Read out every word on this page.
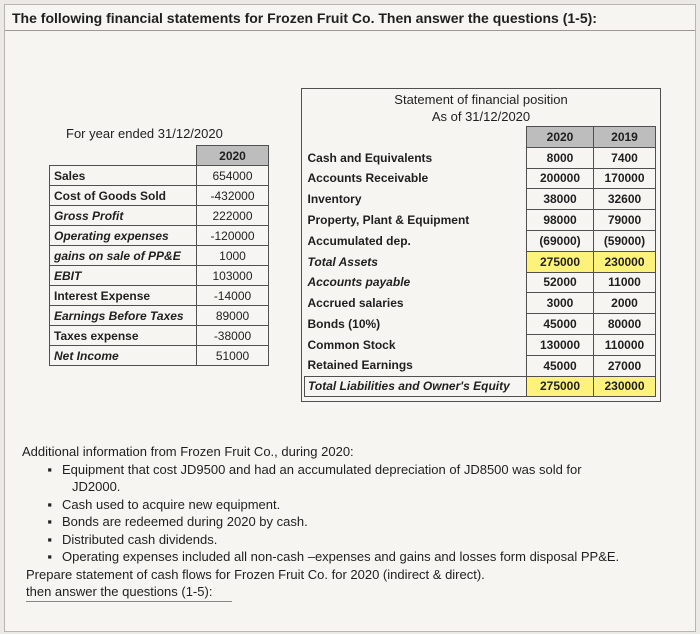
The following financial statements for Frozen Fruit Co. Then answer the questions (1-5):
For year ended 31/12/2020
	2020
Sales	654000
Cost of Goods Sold	-432000
Gross Profit	222000
Operating expenses	-120000
gains on sale of PP&E	1000
EBIT	103000
Interest Expense	-14000
Earnings Before Taxes	89000
Taxes expense	-38000
Net Income	51000
Statement of financial position
As of 31/12/2020
	2020	2019
Cash and Equivalents	8000	7400
Accounts Receivable	200000	170000
Inventory	38000	32600
Property, Plant & Equipment	98000	79000
Accumulated dep.	(69000)	(59000)
Total Assets	275000	230000
Accounts payable	52000	11000
Accrued salaries	3000	2000
Bonds (10%)	45000	80000
Common Stock	130000	110000
Retained Earnings	45000	27000
Total Liabilities and Owner's Equity	275000	230000
Additional information from Frozen Fruit Co., during 2020:
▪ Equipment that cost JD9500 and had an accumulated depreciation of JD8500 was sold for
JD2000.
▪ Cash used to acquire new equipment.
▪ Bonds are redeemed during 2020 by cash.
▪ Distributed cash dividends.
▪ Operating expenses included all non-cash –expenses and gains and losses form disposal PP&E.
Prepare statement of cash flows for Frozen Fruit Co. for 2020 (indirect & direct).
then answer the questions (1-5):
